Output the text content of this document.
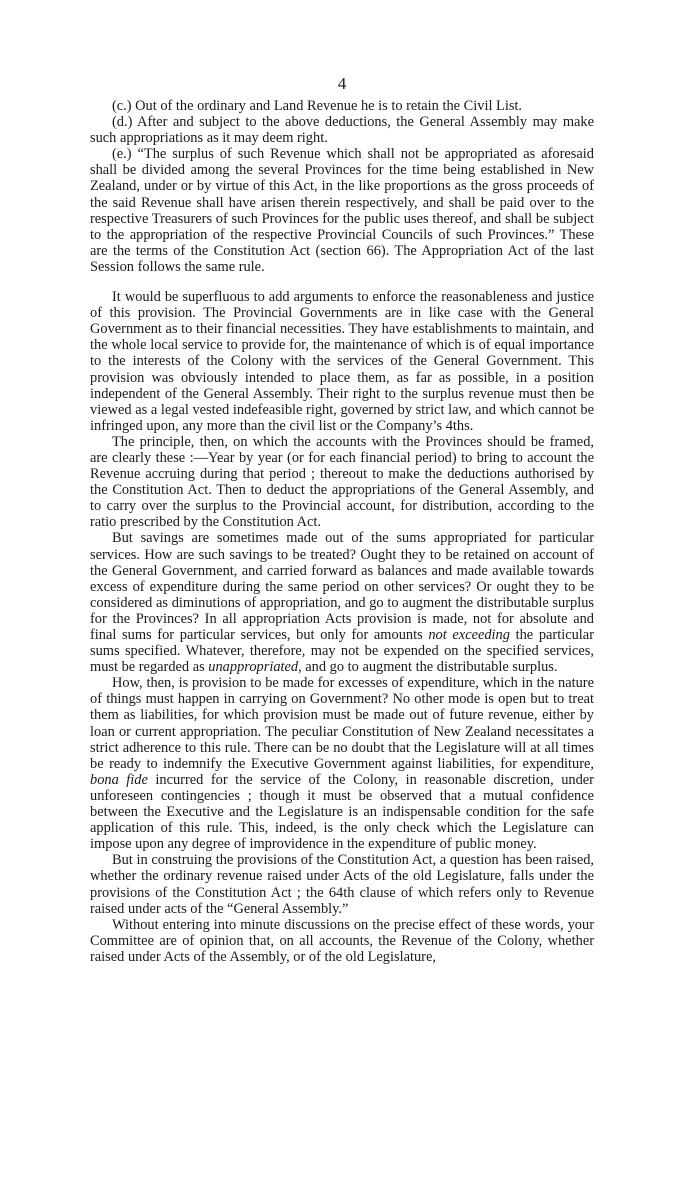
4

(c.) Out of the ordinary and Land Revenue he is to retain the Civil List.

(d.) After and subject to the above deductions, the General Assembly may make such appropriations as it may deem right.

(e.) “The surplus of such Revenue which shall not be appropriated as aforesaid shall be divided among the several Provinces for the time being established in New Zealand, under or by virtue of this Act, in the like proportions as the gross proceeds of the said Revenue shall have arisen therein respectively, and shall be paid over to the respective Treasurers of such Provinces for the public uses thereof, and shall be subject to the appropriation of the respective Provincial Councils of such Provinces.” These are the terms of the Constitution Act (section 66). The Appropriation Act of the last Session follows the same rule.

It would be superfluous to add arguments to enforce the reasonableness and justice of this provision. The Provincial Governments are in like case with the General Government as to their financial necessities. They have establishments to maintain, and the whole local service to provide for, the maintenance of which is of equal importance to the interests of the Colony with the services of the General Government. This provision was obviously intended to place them, as far as possible, in a position independent of the General Assembly. Their right to the surplus revenue must then be viewed as a legal vested indefeasible right, governed by strict law, and which cannot be infringed upon, any more than the civil list or the Company’s 4ths.

The principle, then, on which the accounts with the Provinces should be framed, are clearly these :—Year by year (or for each financial period) to bring to account the Revenue accruing during that period ; thereout to make the deductions authorised by the Constitution Act. Then to deduct the appropriations of the General Assembly, and to carry over the surplus to the Provincial account, for distribution, according to the ratio prescribed by the Constitution Act.

But savings are sometimes made out of the sums appropriated for particular services. How are such savings to be treated? Ought they to be retained on account of the General Government, and carried forward as balances and made available towards excess of expenditure during the same period on other services? Or ought they to be considered as diminutions of appropriation, and go to augment the distributable surplus for the Provinces? In all appropriation Acts provision is made, not for absolute and final sums for particular services, but only for amounts not exceeding the particular sums specified. Whatever, therefore, may not be expended on the specified services, must be regarded as unappropriated, and go to augment the distributable surplus.

How, then, is provision to be made for excesses of expenditure, which in the nature of things must happen in carrying on Government? No other mode is open but to treat them as liabilities, for which provision must be made out of future revenue, either by loan or current appropriation. The peculiar Constitution of New Zealand necessitates a strict adherence to this rule. There can be no doubt that the Legislature will at all times be ready to indemnify the Executive Government against liabilities, for expenditure, bona fide incurred for the service of the Colony, in reasonable discretion, under unforeseen contingencies ; though it must be observed that a mutual confidence between the Executive and the Legislature is an indispensable condition for the safe application of this rule. This, indeed, is the only check which the Legislature can impose upon any degree of improvidence in the expenditure of public money.

But in construing the provisions of the Constitution Act, a question has been raised, whether the ordinary revenue raised under Acts of the old Legislature, falls under the provisions of the Constitution Act ; the 64th clause of which refers only to Revenue raised under acts of the “General Assembly.”

Without entering into minute discussions on the precise effect of these words, your Committee are of opinion that, on all accounts, the Revenue of the Colony, whether raised under Acts of the Assembly, or of the old Legislature,
